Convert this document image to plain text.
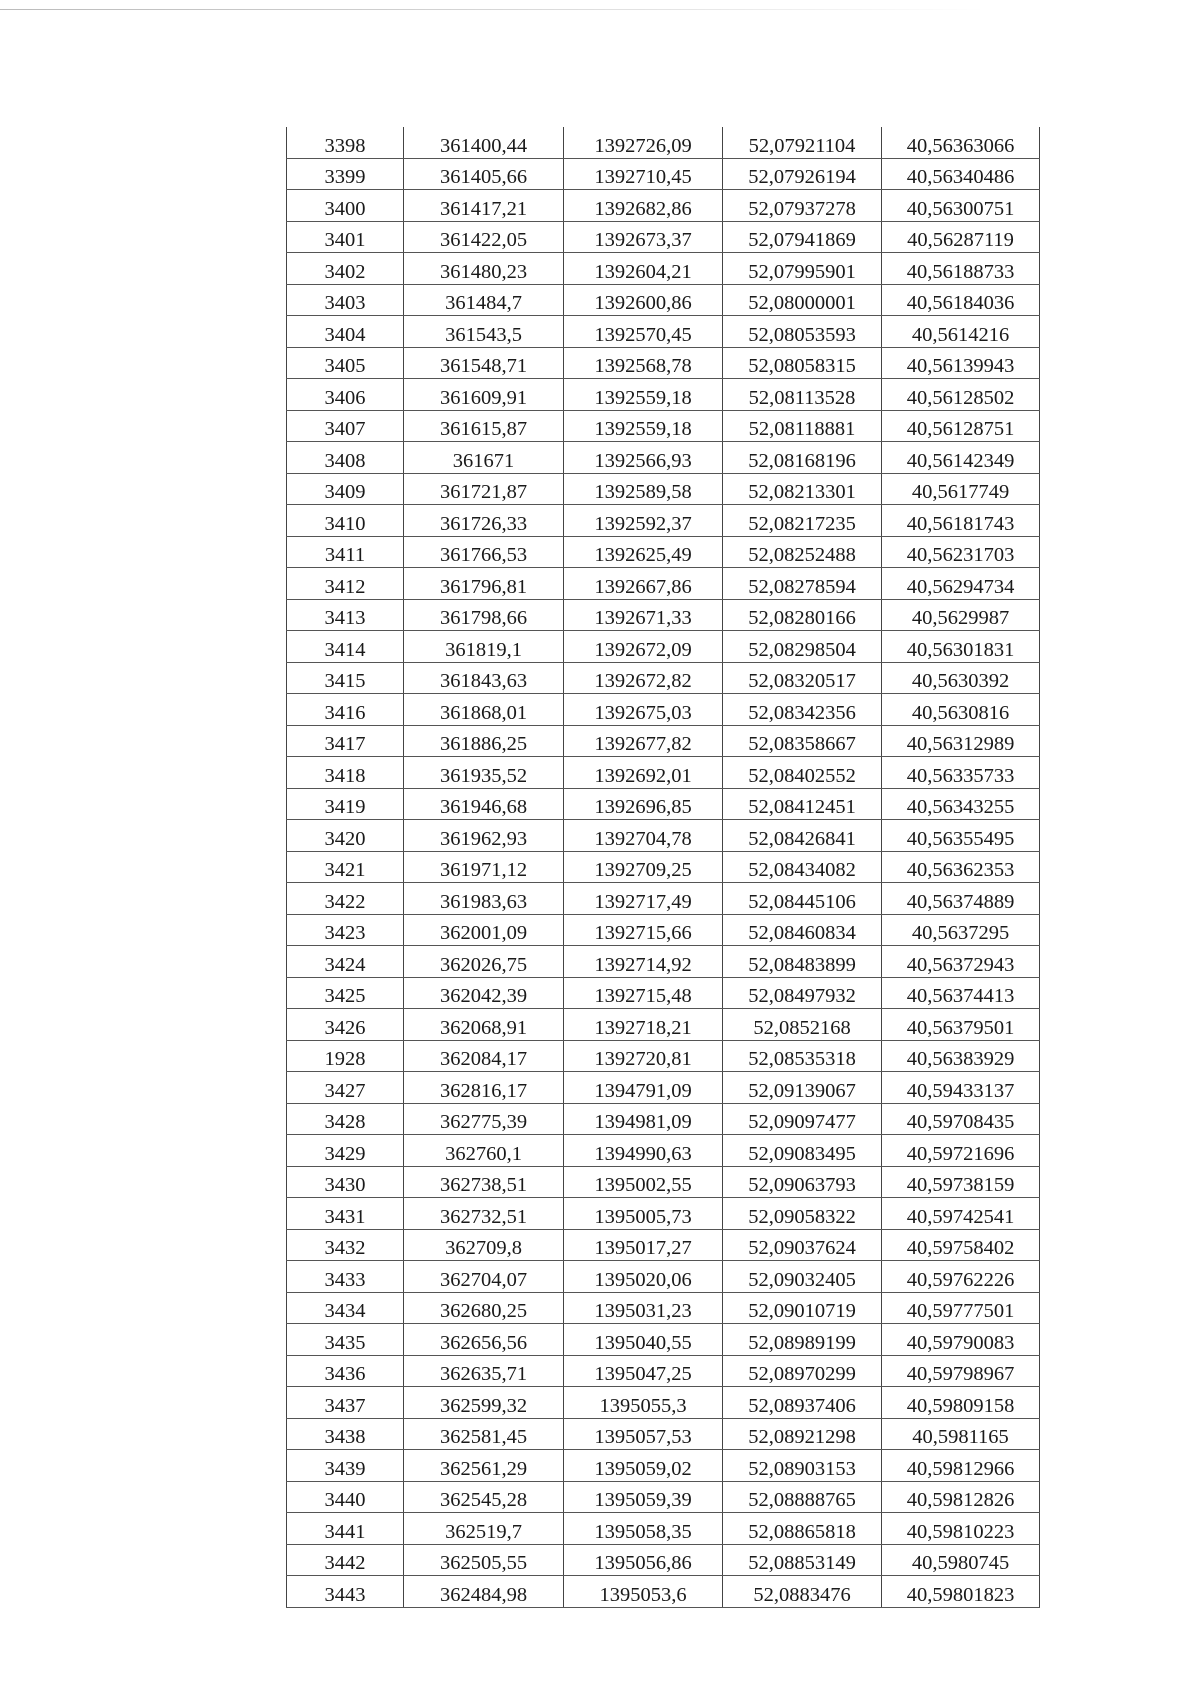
3398	361400,44	1392726,09	52,07921104	40,56363066
3399	361405,66	1392710,45	52,07926194	40,56340486
3400	361417,21	1392682,86	52,07937278	40,56300751
3401	361422,05	1392673,37	52,07941869	40,56287119
3402	361480,23	1392604,21	52,07995901	40,56188733
3403	361484,7	1392600,86	52,08000001	40,56184036
3404	361543,5	1392570,45	52,08053593	40,5614216
3405	361548,71	1392568,78	52,08058315	40,56139943
3406	361609,91	1392559,18	52,08113528	40,56128502
3407	361615,87	1392559,18	52,08118881	40,56128751
3408	361671	1392566,93	52,08168196	40,56142349
3409	361721,87	1392589,58	52,08213301	40,5617749
3410	361726,33	1392592,37	52,08217235	40,56181743
3411	361766,53	1392625,49	52,08252488	40,56231703
3412	361796,81	1392667,86	52,08278594	40,56294734
3413	361798,66	1392671,33	52,08280166	40,5629987
3414	361819,1	1392672,09	52,08298504	40,56301831
3415	361843,63	1392672,82	52,08320517	40,5630392
3416	361868,01	1392675,03	52,08342356	40,5630816
3417	361886,25	1392677,82	52,08358667	40,56312989
3418	361935,52	1392692,01	52,08402552	40,56335733
3419	361946,68	1392696,85	52,08412451	40,56343255
3420	361962,93	1392704,78	52,08426841	40,56355495
3421	361971,12	1392709,25	52,08434082	40,56362353
3422	361983,63	1392717,49	52,08445106	40,56374889
3423	362001,09	1392715,66	52,08460834	40,5637295
3424	362026,75	1392714,92	52,08483899	40,56372943
3425	362042,39	1392715,48	52,08497932	40,56374413
3426	362068,91	1392718,21	52,0852168	40,56379501
1928	362084,17	1392720,81	52,08535318	40,56383929
3427	362816,17	1394791,09	52,09139067	40,59433137
3428	362775,39	1394981,09	52,09097477	40,59708435
3429	362760,1	1394990,63	52,09083495	40,59721696
3430	362738,51	1395002,55	52,09063793	40,59738159
3431	362732,51	1395005,73	52,09058322	40,59742541
3432	362709,8	1395017,27	52,09037624	40,59758402
3433	362704,07	1395020,06	52,09032405	40,59762226
3434	362680,25	1395031,23	52,09010719	40,59777501
3435	362656,56	1395040,55	52,08989199	40,59790083
3436	362635,71	1395047,25	52,08970299	40,59798967
3437	362599,32	1395055,3	52,08937406	40,59809158
3438	362581,45	1395057,53	52,08921298	40,5981165
3439	362561,29	1395059,02	52,08903153	40,59812966
3440	362545,28	1395059,39	52,08888765	40,59812826
3441	362519,7	1395058,35	52,08865818	40,59810223
3442	362505,55	1395056,86	52,08853149	40,5980745
3443	362484,98	1395053,6	52,0883476	40,59801823
